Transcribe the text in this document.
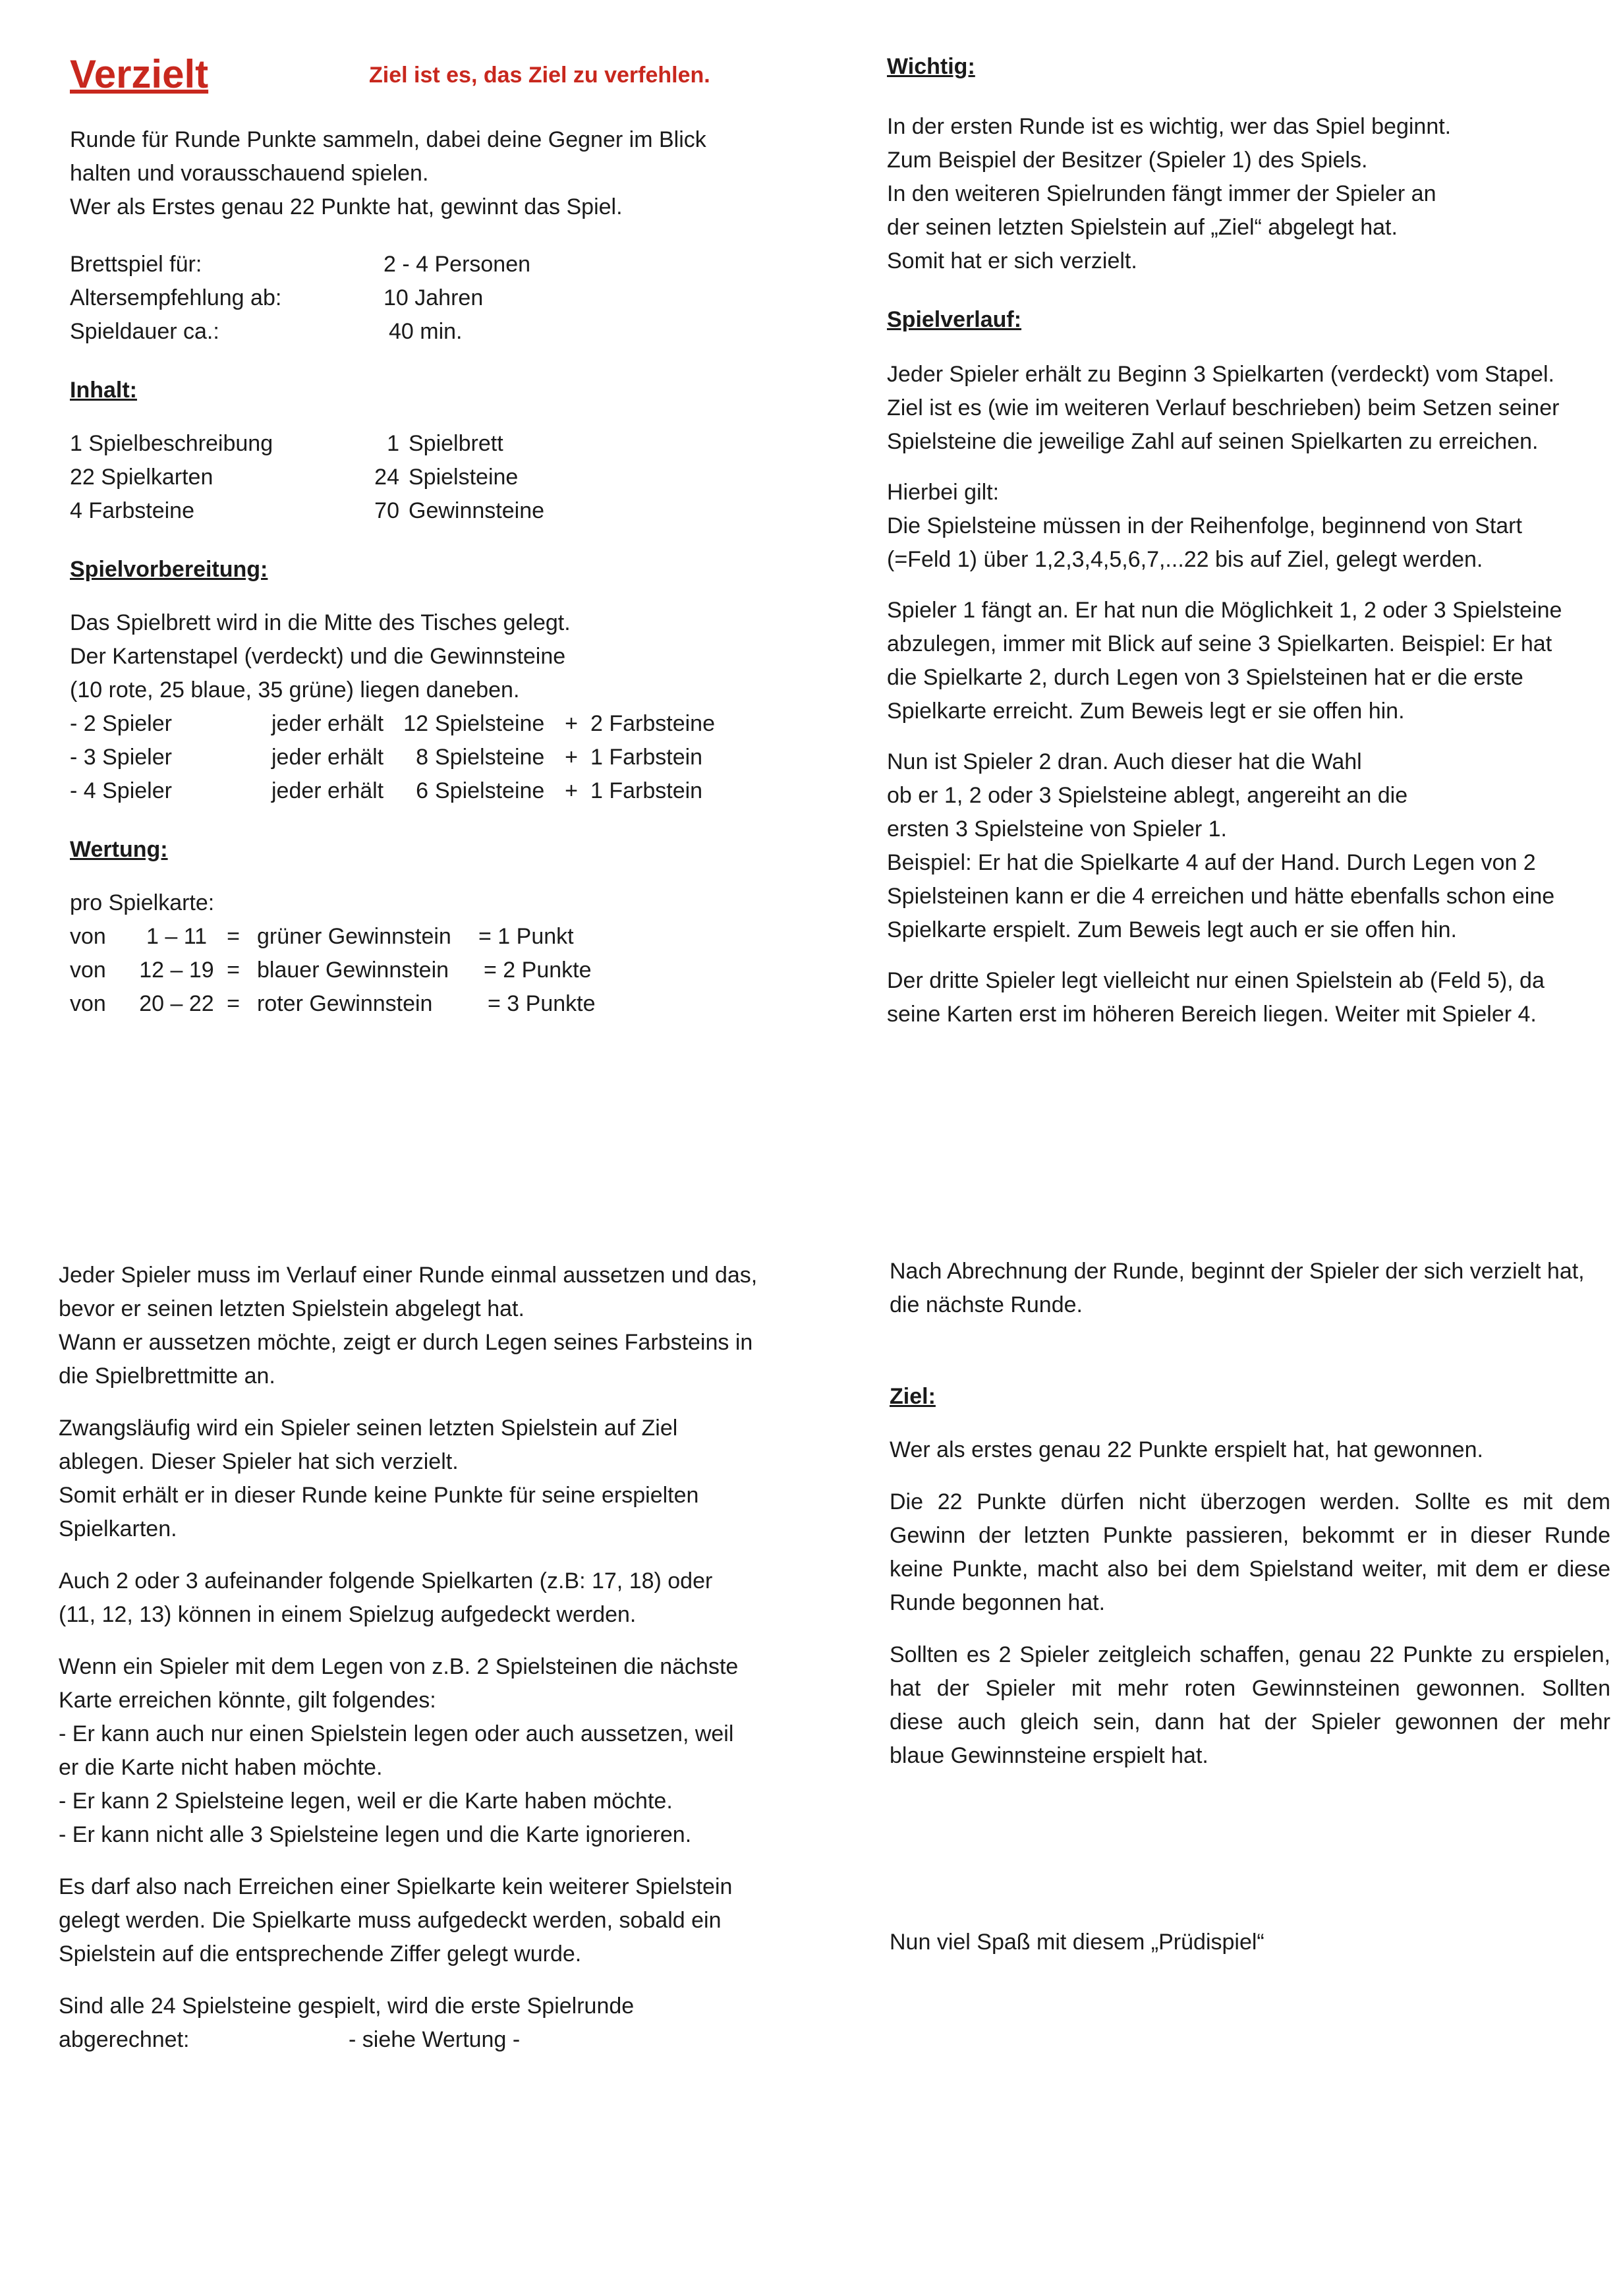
Verzielt	Ziel ist es, das Ziel zu verfehlen.

Runde für Runde Punkte sammeln, dabei deine Gegner im Blick

halten und vorausschauend spielen.

Wer als Erstes genau 22 Punkte hat, gewinnt das Spiel.

Brettspiel für:	2 - 4 Personen
Altersempfehlung ab:	10 Jahren
Spieldauer ca.:	40 min.

Inhalt:

1 Spielbeschreibung	1	Spielbrett
22 Spielkarten	24	Spielsteine
4 Farbsteine	70	Gewinnsteine

Spielvorbereitung:

Das Spielbrett wird in die Mitte des Tisches gelegt.

Der Kartenstapel (verdeckt) und die Gewinnsteine

(10 rote, 25 blaue, 35 grüne) liegen daneben.

- 2 Spieler	jeder erhält	12	Spielsteine	+	2 Farbsteine
- 3 Spieler	jeder erhält	8	Spielsteine	+	1 Farbstein
- 4 Spieler	jeder erhält	6	Spielsteine	+	1 Farbstein

Wertung:

pro Spielkarte:

von	1 – 11	=	grüner Gewinnstein	= 1 Punkt
von	12 – 19	=	blauer Gewinnstein	= 2 Punkte
von	20 – 22	=	roter Gewinnstein	= 3 Punkte

Wichtig:

In der ersten Runde ist es wichtig, wer das Spiel beginnt.

Zum Beispiel der Besitzer (Spieler 1) des Spiels.

In den weiteren Spielrunden fängt immer der Spieler an

der seinen letzten Spielstein auf „Ziel“ abgelegt hat.

Somit hat er sich verzielt.

Spielverlauf:

Jeder Spieler erhält zu Beginn 3 Spielkarten (verdeckt) vom Stapel.

Ziel ist es (wie im weiteren Verlauf beschrieben) beim Setzen seiner

Spielsteine die jeweilige Zahl auf seinen Spielkarten zu erreichen.

Hierbei gilt:

Die Spielsteine müssen in der Reihenfolge, beginnend von Start

(=Feld 1) über 1,2,3,4,5,6,7,...22 bis auf Ziel, gelegt werden.

Spieler 1 fängt an. Er hat nun die Möglichkeit 1, 2 oder 3 Spielsteine

abzulegen, immer mit Blick auf seine 3 Spielkarten. Beispiel: Er hat

die Spielkarte 2, durch Legen von 3 Spielsteinen hat er die erste

Spielkarte erreicht. Zum Beweis legt er sie offen hin.

Nun ist Spieler 2 dran. Auch dieser hat die Wahl

ob er 1, 2 oder 3 Spielsteine ablegt, angereiht an die

ersten 3 Spielsteine von Spieler 1.

Beispiel: Er hat die Spielkarte 4 auf der Hand. Durch Legen von 2

Spielsteinen kann er die 4 erreichen und hätte ebenfalls schon eine

Spielkarte erspielt. Zum Beweis legt auch er sie offen hin.

Der dritte Spieler legt vielleicht nur einen Spielstein ab (Feld 5), da

seine Karten erst im höheren Bereich liegen. Weiter mit Spieler 4.

Jeder Spieler muss im Verlauf einer Runde einmal aussetzen und das,

bevor er seinen letzten Spielstein abgelegt hat.

Wann er aussetzen möchte, zeigt er durch Legen seines Farbsteins in

die Spielbrettmitte an.

Zwangsläufig wird ein Spieler seinen letzten Spielstein auf Ziel

ablegen. Dieser Spieler hat sich verzielt.

Somit erhält er in dieser Runde keine Punkte für seine erspielten

Spielkarten.

Auch 2 oder 3 aufeinander folgende Spielkarten (z.B: 17, 18) oder

(11, 12, 13) können in einem Spielzug aufgedeckt werden.

Wenn ein Spieler mit dem Legen von z.B. 2 Spielsteinen die nächste

Karte erreichen könnte, gilt folgendes:

- Er kann auch nur einen Spielstein legen oder auch aussetzen, weil

er die Karte nicht haben möchte.

- Er kann 2 Spielsteine legen, weil er die Karte haben möchte.

- Er kann nicht alle 3 Spielsteine legen und die Karte ignorieren.

Es darf also nach Erreichen einer Spielkarte kein weiterer Spielstein

gelegt werden. Die Spielkarte muss aufgedeckt werden, sobald ein

Spielstein auf die entsprechende Ziffer gelegt wurde.

Sind alle 24 Spielsteine gespielt, wird die erste Spielrunde

abgerechnet:	- siehe Wertung -

Nach Abrechnung der Runde, beginnt der Spieler der sich verzielt hat,

die nächste Runde.

Ziel:

Wer als erstes genau 22 Punkte erspielt hat, hat gewonnen.

Die 22 Punkte dürfen nicht überzogen werden. Sollte es mit dem

Gewinn der letzten Punkte passieren, bekommt er in dieser Runde

keine Punkte, macht also bei dem Spielstand weiter, mit dem er diese

Runde begonnen hat.

Sollten es 2 Spieler zeitgleich schaffen, genau 22 Punkte zu erspielen,

hat der Spieler mit mehr roten Gewinnsteinen gewonnen. Sollten

diese auch gleich sein, dann hat der Spieler gewonnen der mehr

blaue Gewinnsteine erspielt hat.

Nun viel Spaß mit diesem „Prüdispiel“
